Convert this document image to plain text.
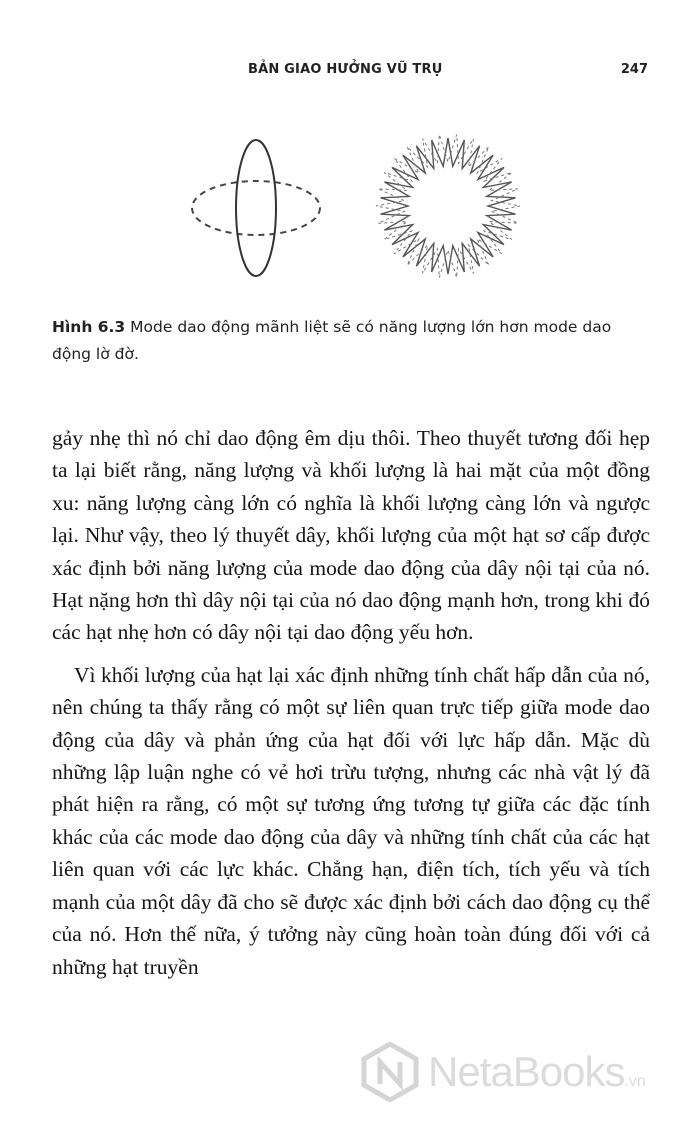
BẢN GIAO HƯỞNG VŨ TRỤ	247
Hình 6.3 Mode dao động mãnh liệt sẽ có năng lượng lớn hơn mode dao động lờ đờ.

gảy nhẹ thì nó chỉ dao động êm dịu thôi. Theo thuyết tương đối hẹp ta lại biết rằng, năng lượng và khối lượng là hai mặt của một đồng xu: năng lượng càng lớn có nghĩa là khối lượng càng lớn và ngược lại. Như vậy, theo lý thuyết dây, khối lượng của một hạt sơ cấp được xác định bởi năng lượng của mode dao động của dây nội tại của nó. Hạt nặng hơn thì dây nội tại của nó dao động mạnh hơn, trong khi đó các hạt nhẹ hơn có dây nội tại dao động yếu hơn.

Vì khối lượng của hạt lại xác định những tính chất hấp dẫn của nó, nên chúng ta thấy rằng có một sự liên quan trực tiếp giữa mode dao động của dây và phản ứng của hạt đối với lực hấp dẫn. Mặc dù những lập luận nghe có vẻ hơi trừu tượng, nhưng các nhà vật lý đã phát hiện ra rằng, có một sự tương ứng tương tự giữa các đặc tính khác của các mode dao động của dây và những tính chất của các hạt liên quan với các lực khác. Chẳng hạn, điện tích, tích yếu và tích mạnh của một dây đã cho sẽ được xác định bởi cách dao động cụ thể của nó. Hơn thế nữa, ý tưởng này cũng hoàn toàn đúng đối với cả những hạt truyền

NetaBooks.vn
